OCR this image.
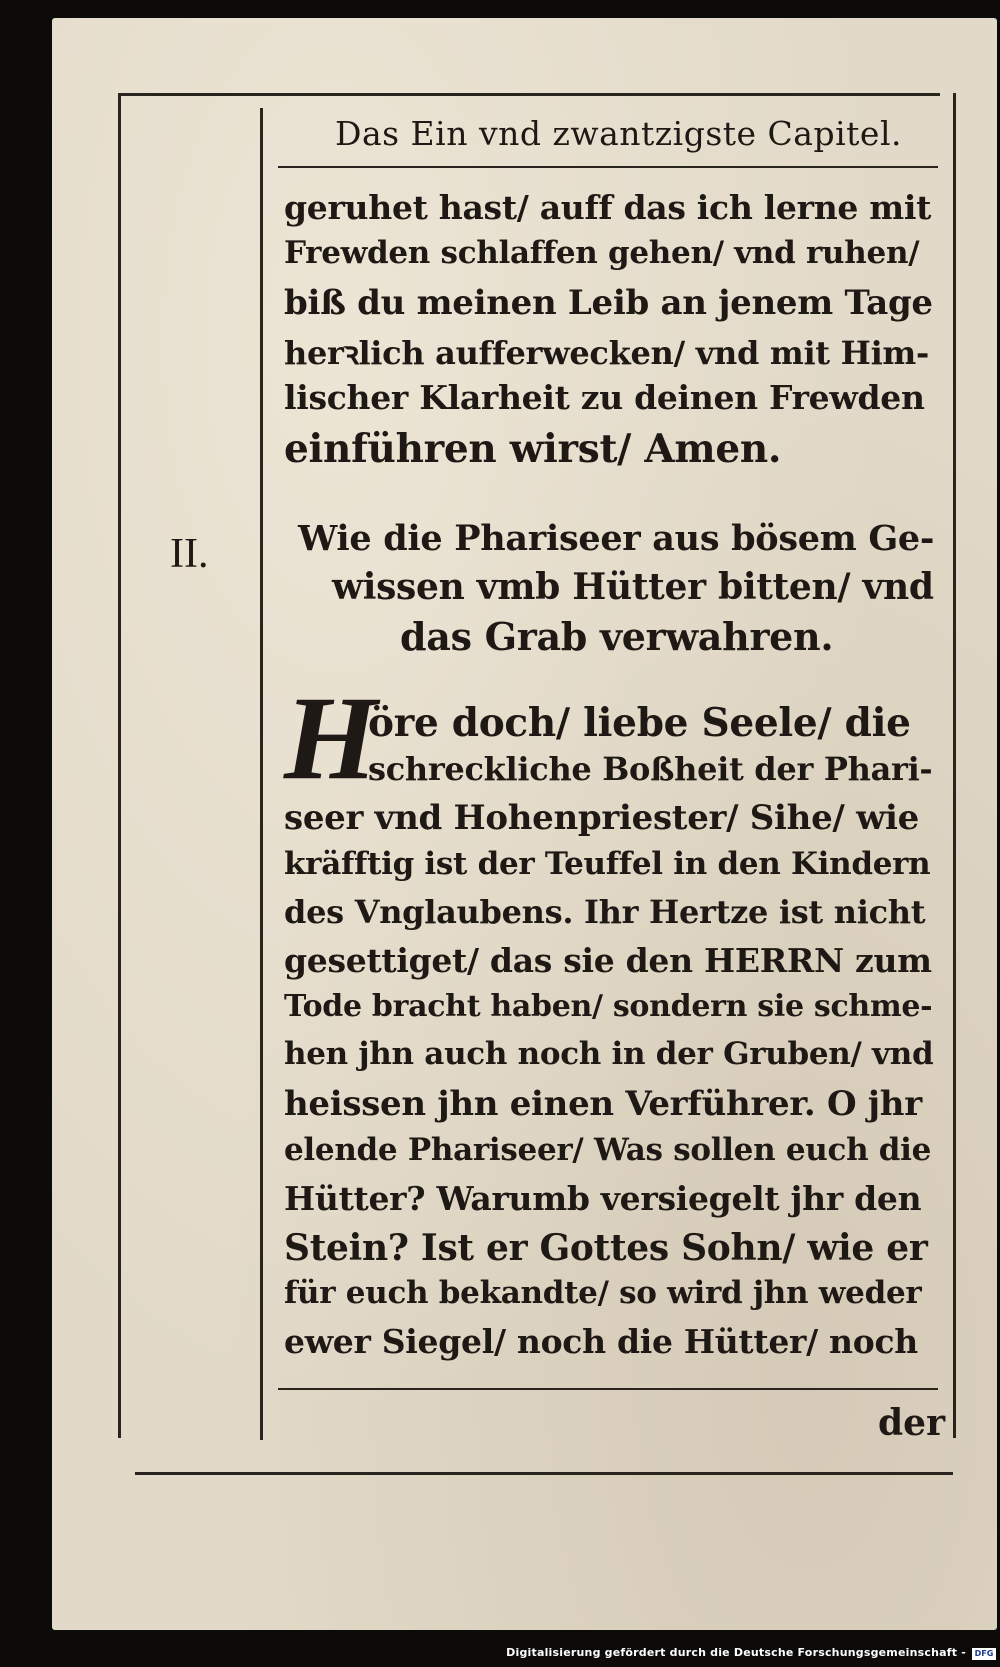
Das Ein vnd zwantzigste Capitel.
geruhet hast/ auff das ich lerne mit
Frewden schlaffen gehen/ vnd ruhen/
biß du meinen Leib an jenem Tage
herꝛlich aufferwecken/ vnd mit Him-
lischer Klarheit zu deinen Frewden
einführen wirst/ Amen.
II.	Wie die Phariseer aus bösem Ge-
wissen vmb Hütter bitten/ vnd
das Grab verwahren.
H
öre doch/ liebe Seele/ die
schreckliche Boßheit der Phari-
seer vnd Hohenpriester/ Sihe/ wie
kräfftig ist der Teuffel in den Kindern
des Vnglaubens. Ihr Hertze ist nicht
gesettiget/ das sie den HERRN zum
Tode bracht haben/ sondern sie schme-
hen jhn auch noch in der Gruben/ vnd
heissen jhn einen Verführer. O jhr
elende Phariseer/ Was sollen euch die
Hütter? Warumb versiegelt jhr den
Stein? Ist er Gottes Sohn/ wie er
für euch bekandte/ so wird jhn weder
ewer Siegel/ noch die Hütter/ noch
der
Digitalisierung gefördert durch die Deutsche Forschungsgemeinschaft -	DFG
